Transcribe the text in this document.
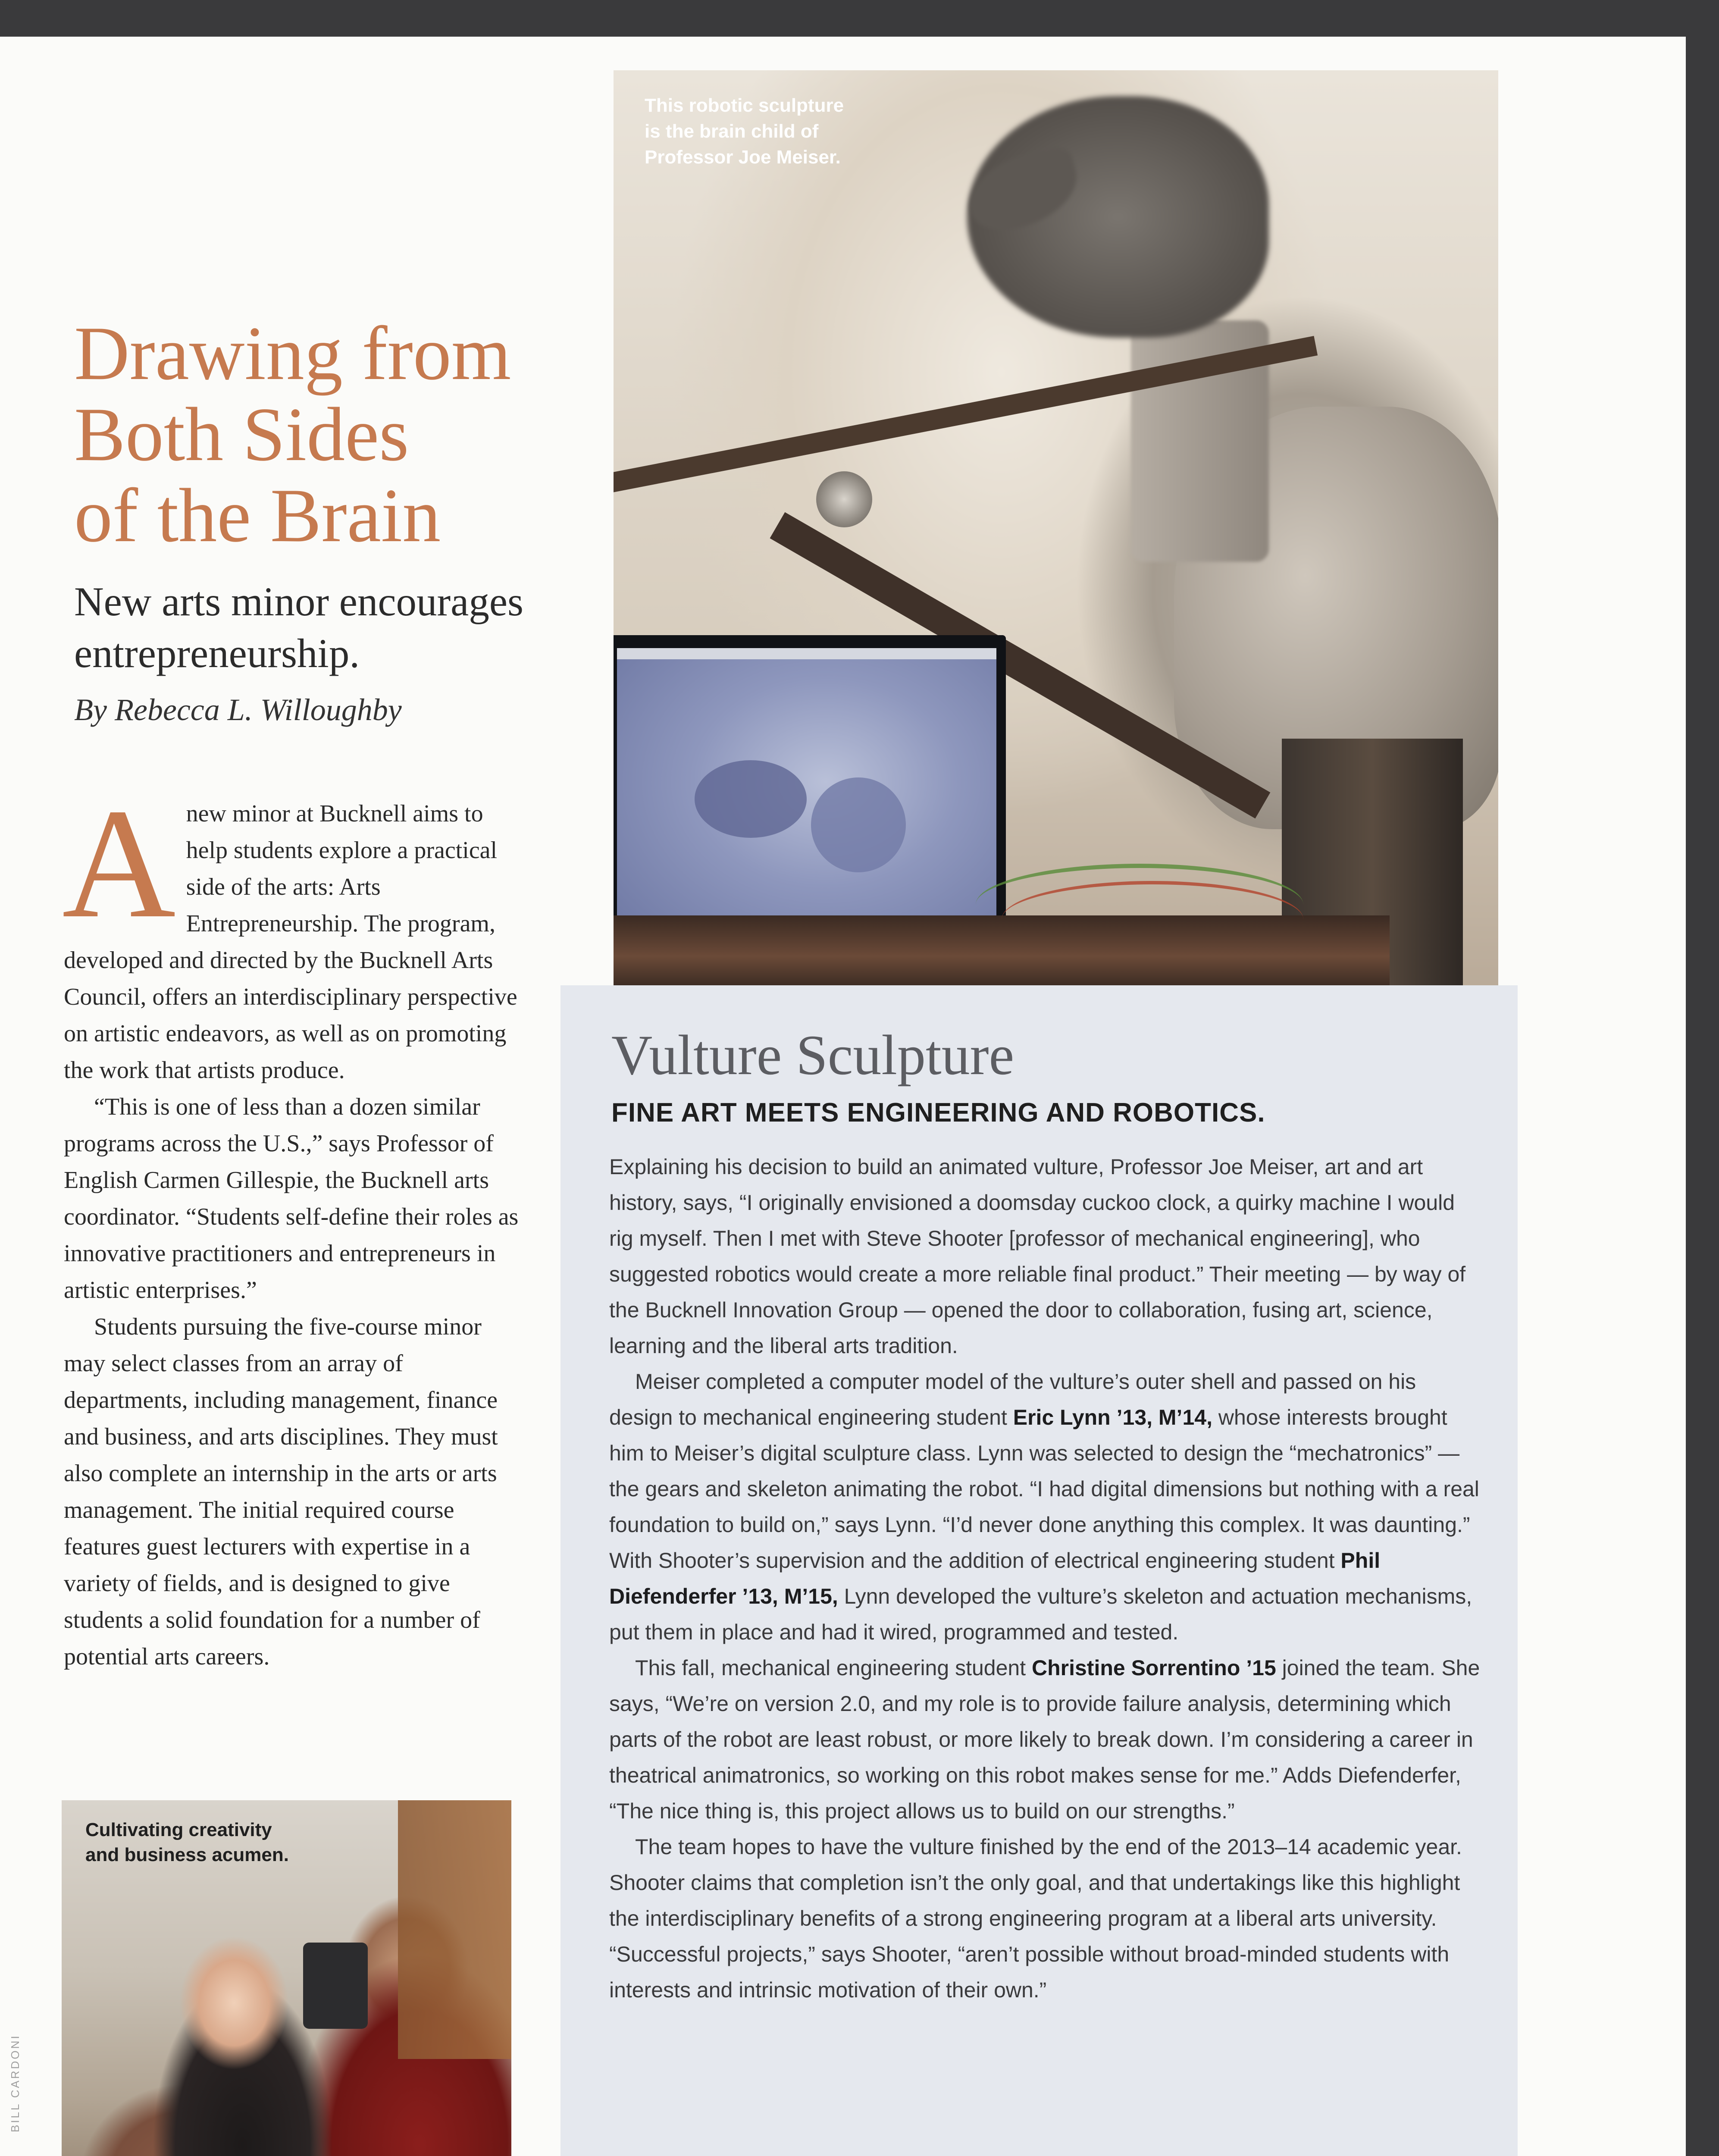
Drawing from
Both Sides
of the Brain
New arts minor encourages entrepreneurship.
By Rebecca L. Willoughby

A new minor at Bucknell aims to help students explore a practical side of the arts: Arts Entrepreneurship. The program, developed and directed by the Bucknell Arts Council, offers an interdisciplinary perspective on artistic endeavors, as well as on promoting the work that artists produce.

“This is one of less than a dozen similar programs across the U.S.,” says Professor of English Carmen Gillespie, the Bucknell arts coordinator. “Students self-define their roles as innovative practitioners and entrepreneurs in artistic enterprises.”

Students pursuing the five-course minor may select classes from an array of departments, including management, finance and business, and arts disciplines. They must also complete an internship in the arts or arts management. The initial required course features guest lecturers with expertise in a variety of fields, and is designed to give students a solid foundation for a number of potential arts careers.

Cultivating creativity
and business acumen.
This robotic sculpture
is the brain child of
Professor Joe Meiser.
Vulture Sculpture
FINE ART MEETS ENGINEERING AND ROBOTICS.

Explaining his decision to build an animated vulture, Professor Joe Meiser, art and art history, says, “I originally envisioned a doomsday cuckoo clock, a quirky machine I would rig myself. Then I met with Steve Shooter [professor of mechanical engineering], who suggested robotics would create a more reliable final product.” Their meeting — by way of the Bucknell Innovation Group — opened the door to collaboration, fusing art, science, learning and the liberal arts tradition.

Meiser completed a computer model of the vulture’s outer shell and passed on his design to mechanical engineering student Eric Lynn ’13, M’14, whose interests brought him to Meiser’s digital sculpture class. Lynn was selected to design the “mechatronics” — the gears and skeleton animating the robot. “I had digital dimensions but nothing with a real foundation to build on,” says Lynn. “I’d never done anything this complex. It was daunting.” With Shooter’s supervision and the addition of electrical engineering student Phil Diefenderfer ’13, M’15, Lynn developed the vulture’s skeleton and actuation mechanisms, put them in place and had it wired, programmed and tested.

This fall, mechanical engineering student Christine Sorrentino ’15 joined the team. She says, “We’re on version 2.0, and my role is to provide failure analysis, determining which parts of the robot are least robust, or more likely to break down. I’m considering a career in theatrical animatronics, so working on this robot makes sense for me.” Adds Diefenderfer, “The nice thing is, this project allows us to build on our strengths.”

The team hopes to have the vulture finished by the end of the 2013–14 academic year. Shooter claims that completion isn’t the only goal, and that undertakings like this highlight the interdisciplinary benefits of a strong engineering program at a liberal arts university. “Successful projects,” says Shooter, “aren’t possible without broad-minded students with interests and intrinsic motivation of their own.”

BILL CARDONI
